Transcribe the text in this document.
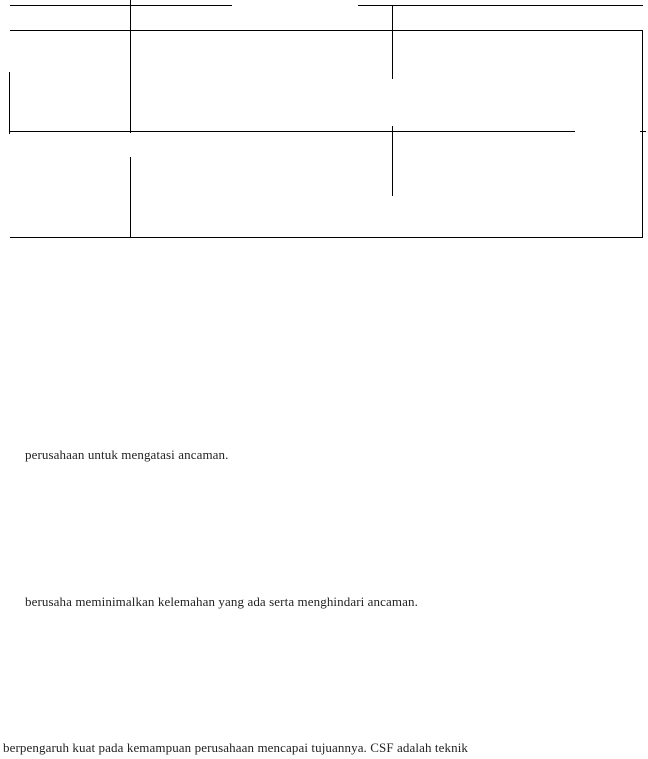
perusahaan untuk mengatasi ancaman.
berusaha meminimalkan kelemahan yang ada serta menghindari ancaman.
berpengaruh kuat pada kemampuan perusahaan mencapai tujuannya. CSF adalah teknik
